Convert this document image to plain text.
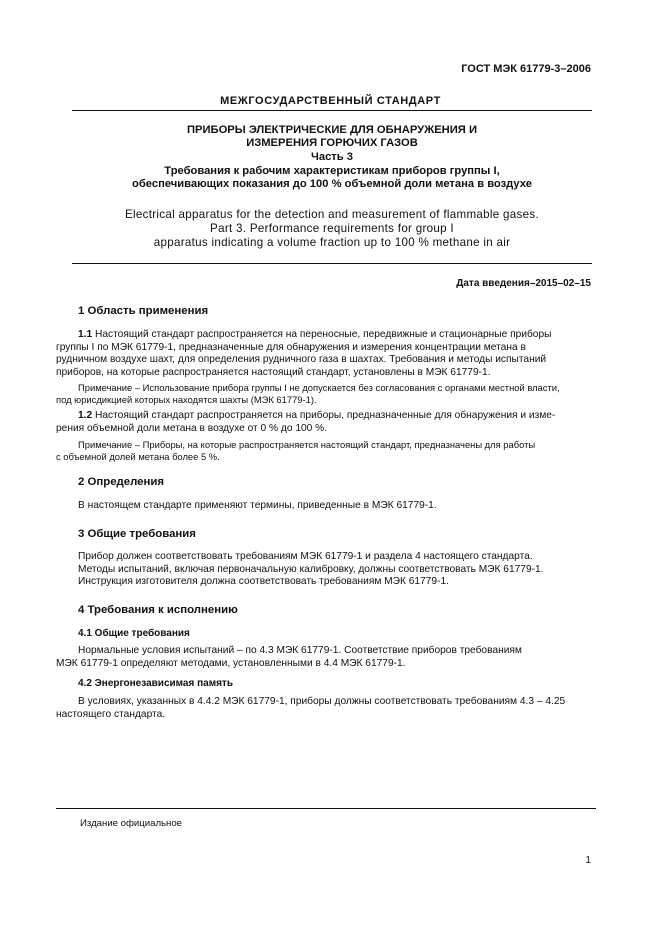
ГОСТ МЭК 61779-3–2006
МЕЖГОСУДАРСТВЕННЫЙ СТАНДАРТ
ПРИБОРЫ ЭЛЕКТРИЧЕСКИЕ ДЛЯ ОБНАРУЖЕНИЯ И
ИЗМЕРЕНИЯ ГОРЮЧИХ ГАЗОВ
Часть 3
Требования к рабочим характеристикам приборов группы I,
обеспечивающих показания до 100 % объемной доли метана в воздухе
Electrical apparatus for the detection and measurement of flammable gases.
Part 3. Performance requirements for group I
apparatus indicating a volume fraction up to 100 % methane in air
Дата введения–2015–02–15
1 Область применения
1.1 Настоящий стандарт распространяется на переносные, передвижные и стационарные приборы
группы I по МЭК 61779-1, предназначенные для обнаружения и измерения концентрации метана в
рудничном воздухе шахт, для определения рудничного газа в шахтах. Требования и методы испытаний
приборов, на которые распространяется настоящий стандарт, установлены в МЭК 61779-1.
Примечание – Использование прибора группы I не допускается без согласования с органами местной власти,
под юрисдикцией которых находятся шахты (МЭК 61779-1).
1.2 Настоящий стандарт распространяется на приборы, предназначенные для обнаружения и изме-
рения объемной доли метана в воздухе от 0 % до 100 %.
Примечание – Приборы, на которые распространяется настоящий стандарт, предназначены для работы
с объемной долей метана более 5 %.
2 Определения
В настоящем стандарте применяют термины, приведенные в МЭК 61779-1.
3 Общие требования
Прибор должен соответствовать требованиям МЭК 61779-1 и раздела 4 настоящего стандарта.
Методы испытаний, включая первоначальную калибровку, должны соответствовать МЭК 61779-1.
Инструкция изготовителя должна соответствовать требованиям МЭК 61779-1.
4 Требования к исполнению
4.1 Общие требования
Нормальные условия испытаний – по 4.3 МЭК 61779-1. Соответствие приборов требованиям
МЭК 61779-1 определяют методами, установленными в 4.4 МЭК 61779-1.
4.2 Энергонезависимая память
В условиях, указанных в 4.4.2 МЭК 61779-1, приборы должны соответствовать требованиям 4.3 – 4.25
настоящего стандарта.
Издание официальное
1
